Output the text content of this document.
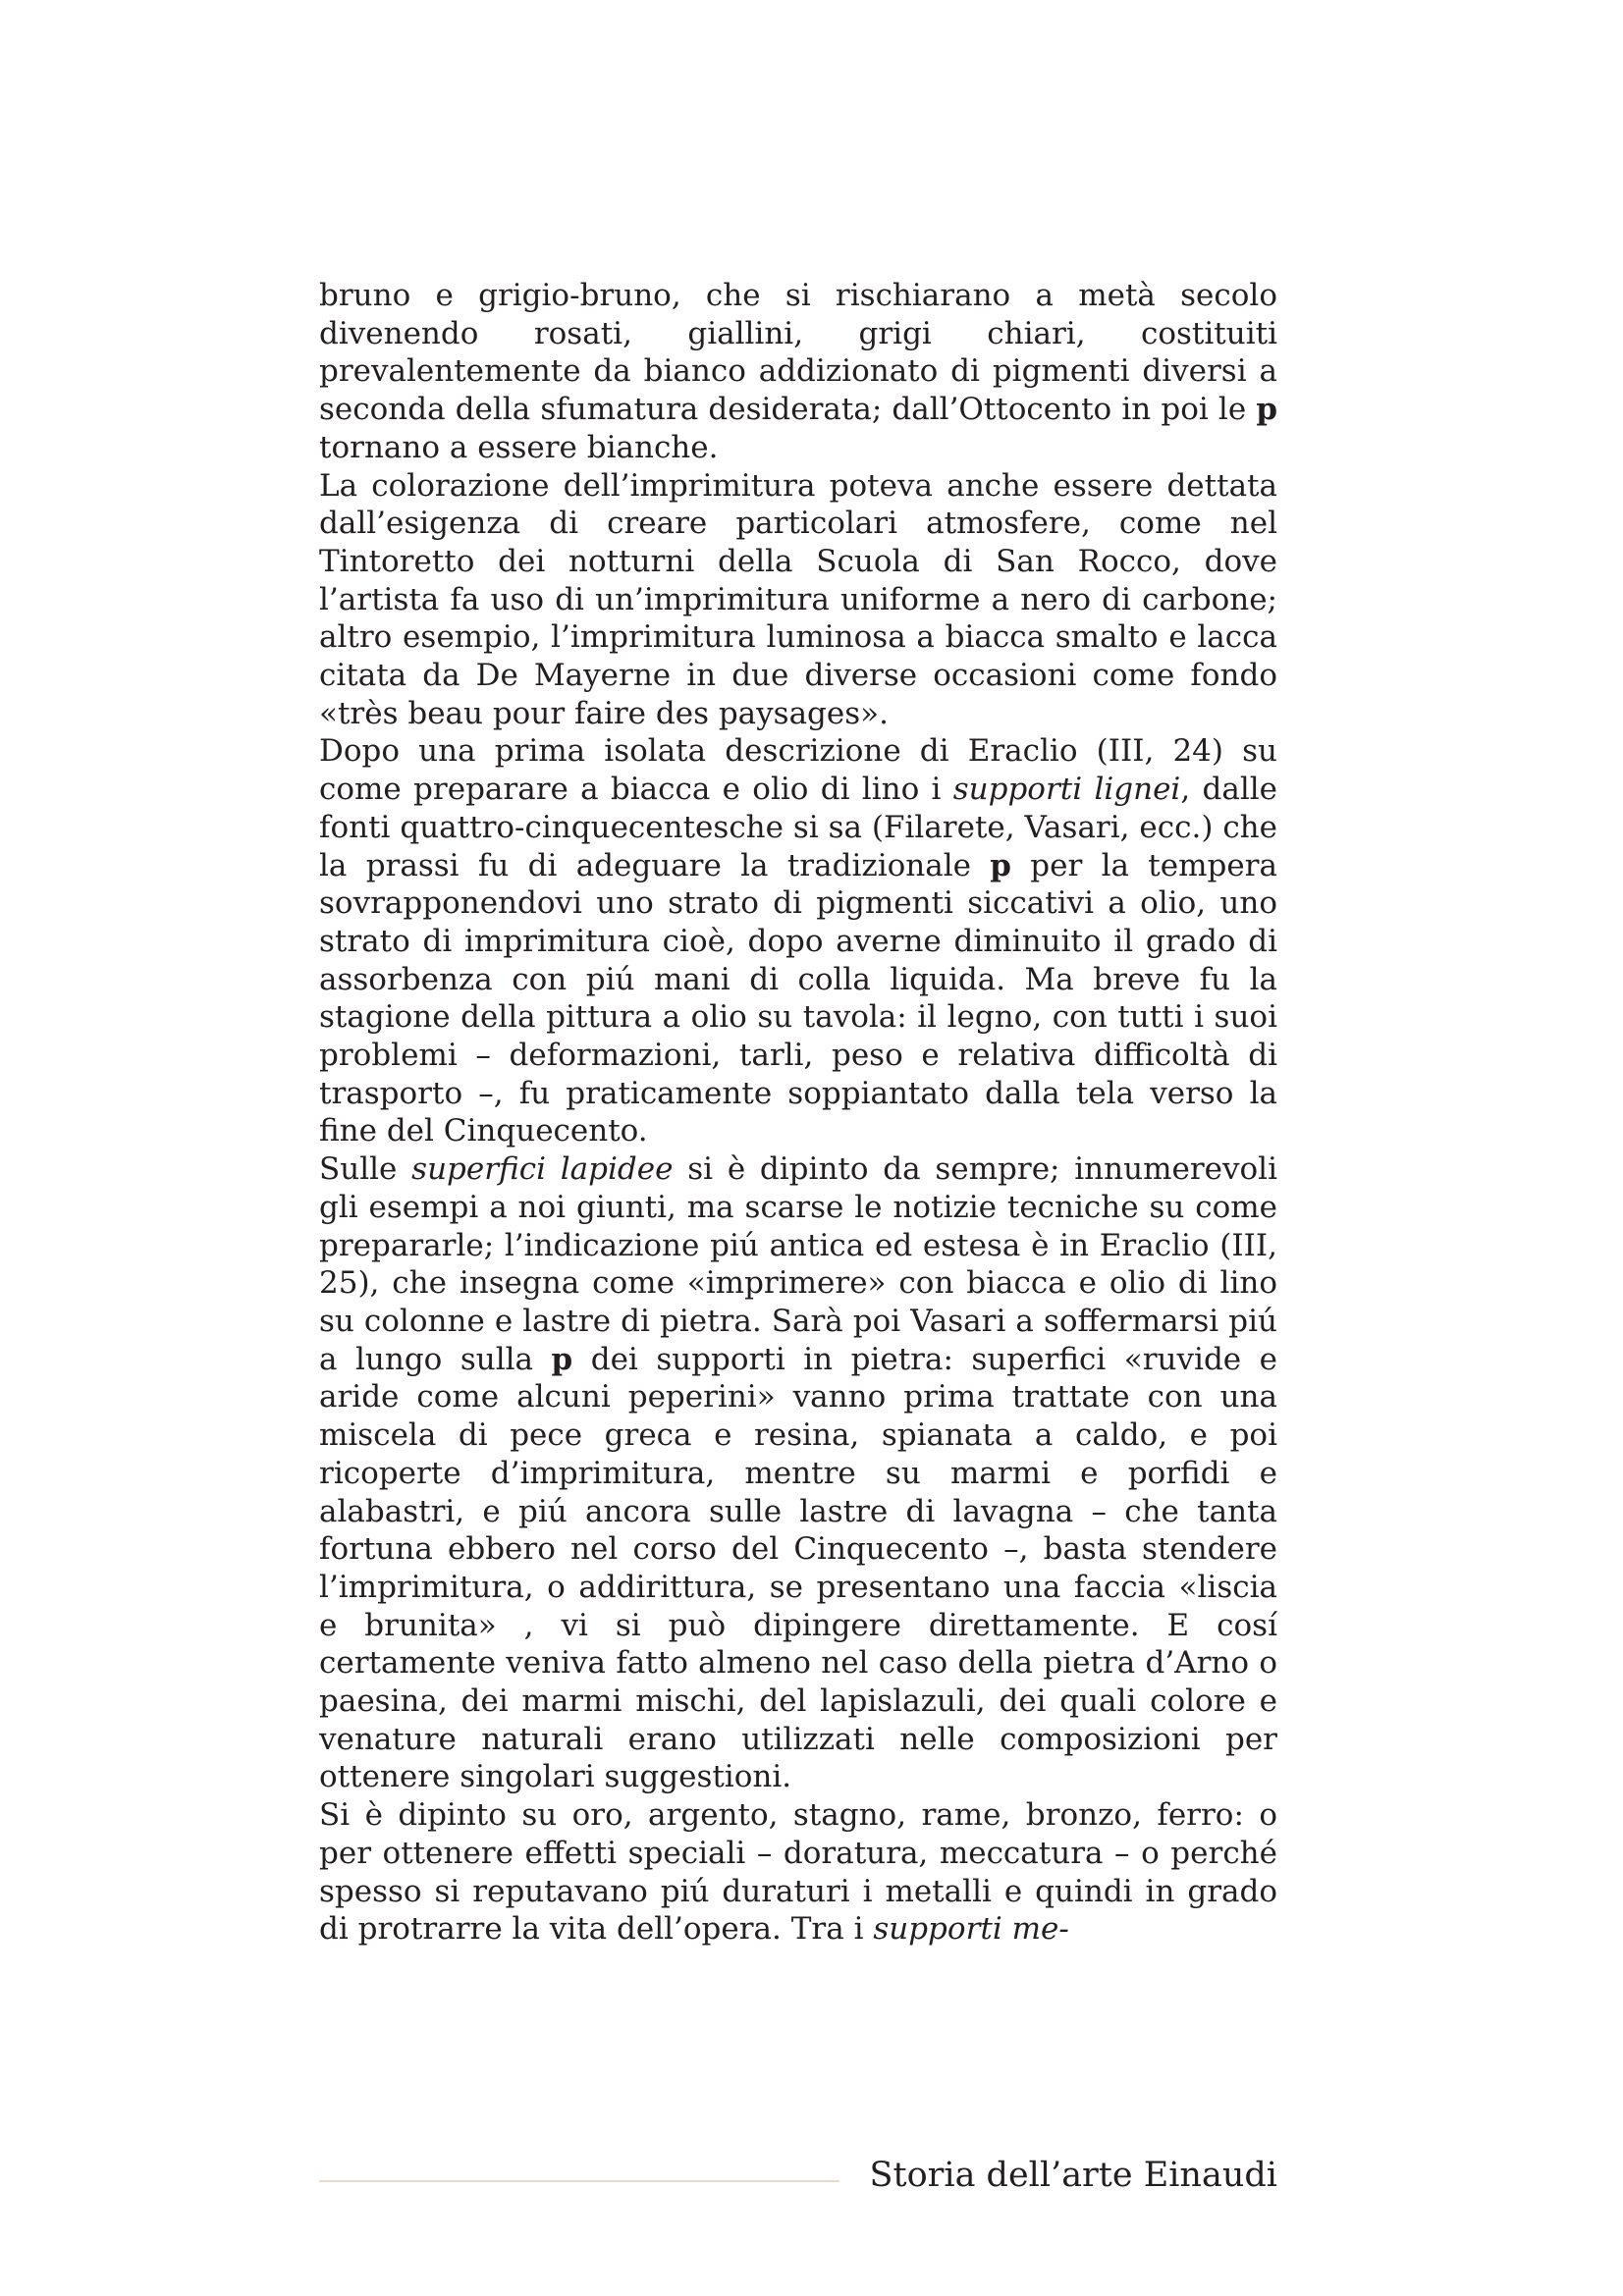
bruno e grigio-bruno, che si rischiarano a metà secolo divenendo rosati, giallini, grigi chiari, costituiti prevalentemente da bianco addizionato di pigmenti diversi a seconda della sfumatura desiderata; dall’Ottocento in poi le p tornano a essere bianche.

La colorazione dell’imprimitura poteva anche essere dettata dall’esigenza di creare particolari atmosfere, come nel Tintoretto dei notturni della Scuola di San Rocco, dove l’artista fa uso di un’imprimitura uniforme a nero di carbone; altro esempio, l’imprimitura luminosa a biacca smalto e lacca citata da De Mayerne in due diverse occasioni come fondo «très beau pour faire des paysages».

Dopo una prima isolata descrizione di Eraclio (III, 24) su come preparare a biacca e olio di lino i supporti lignei, dalle fonti quattro-cinquecentesche si sa (Filarete, Vasari, ecc.) che la prassi fu di adeguare la tradizionale p per la tempera sovrapponendovi uno strato di pigmenti siccativi a olio, uno strato di imprimitura cioè, dopo averne diminuito il grado di assorbenza con piú mani di colla liquida. Ma breve fu la stagione della pittura a olio su tavola: il legno, con tutti i suoi problemi – deformazioni, tarli, peso e relativa difficoltà di trasporto –, fu praticamente soppiantato dalla tela verso la fine del Cinquecento.

Sulle superfici lapidee si è dipinto da sempre; innumerevoli gli esempi a noi giunti, ma scarse le notizie tecniche su come prepararle; l’indicazione piú antica ed estesa è in Eraclio (III, 25), che insegna come «imprimere» con biacca e olio di lino su colonne e lastre di pietra. Sarà poi Vasari a soffermarsi piú a lungo sulla p dei supporti in pietra: superfici «ruvide e aride come alcuni peperini» vanno prima trattate con una miscela di pece greca e resina, spianata a caldo, e poi ricoperte d’imprimitura, mentre su marmi e porfidi e alabastri, e piú ancora sulle lastre di lavagna – che tanta fortuna ebbero nel corso del Cinquecento –, basta stendere l’imprimitura, o addirittura, se presentano una faccia «liscia e brunita» , vi si può dipingere direttamente. E cosí certamente veniva fatto almeno nel caso della pietra d’Arno o paesina, dei marmi mischi, del lapislazuli, dei quali colore e venature naturali erano utilizzati nelle composizioni per ottenere singolari suggestioni.

Si è dipinto su oro, argento, stagno, rame, bronzo, ferro: o per ottenere effetti speciali – doratura, meccatura – o perché spesso si reputavano piú duraturi i metalli e quindi in grado di protrarre la vita dell’opera. Tra i supporti me-

Storia dell’arte Einaudi
